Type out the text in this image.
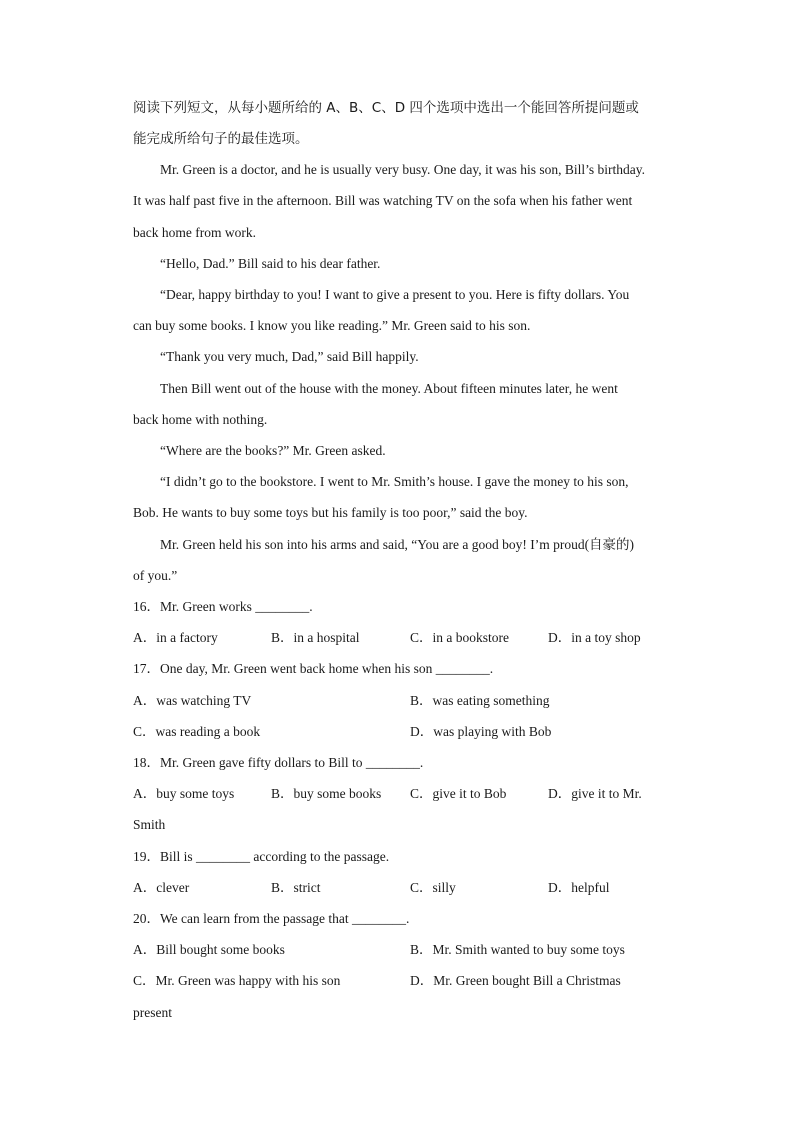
阅读下列短文，从每小题所给的 A、B、C、D 四个选项中选出一个能回答所提问题或
能完成所给句子的最佳选项。
Mr. Green is a doctor, and he is usually very busy. One day, it was his son, Bill’s birthday.
It was half past five in the afternoon. Bill was watching TV on the sofa when his father went
back home from work.
“Hello, Dad.” Bill said to his dear father.
“Dear, happy birthday to you! I want to give a present to you. Here is fifty dollars. You
can buy some books. I know you like reading.” Mr. Green said to his son.
“Thank you very much, Dad,” said Bill happily.
Then Bill went out of the house with the money. About fifteen minutes later, he went
back home with nothing.
“Where are the books?” Mr. Green asked.
“I didn’t go to the bookstore. I went to Mr. Smith’s house. I gave the money to his son,
Bob. He wants to buy some toys but his family is too poor,” said the boy.
Mr. Green held his son into his arms and said, “You are a good boy! I’m proud(自豪的)
of you.”
16．Mr. Green works ________.
A．in a factory	B．in a hospital	C．in a bookstore	D．in a toy shop
17．One day, Mr. Green went back home when his son ________.
A．was watching TV	B．was eating something
C．was reading a book	D．was playing with Bob
18．Mr. Green gave fifty dollars to Bill to ________.
A．buy some toys	B．buy some books C．give it to Bob	D．give it to Mr.
Smith
19．Bill is ________ according to the passage.
A．clever	B．strict	C．silly	D．helpful
20．We can learn from the passage that ________.
A．Bill bought some books	B．Mr. Smith wanted to buy some toys
C．Mr. Green was happy with his son	D．Mr. Green bought Bill a Christmas
present
